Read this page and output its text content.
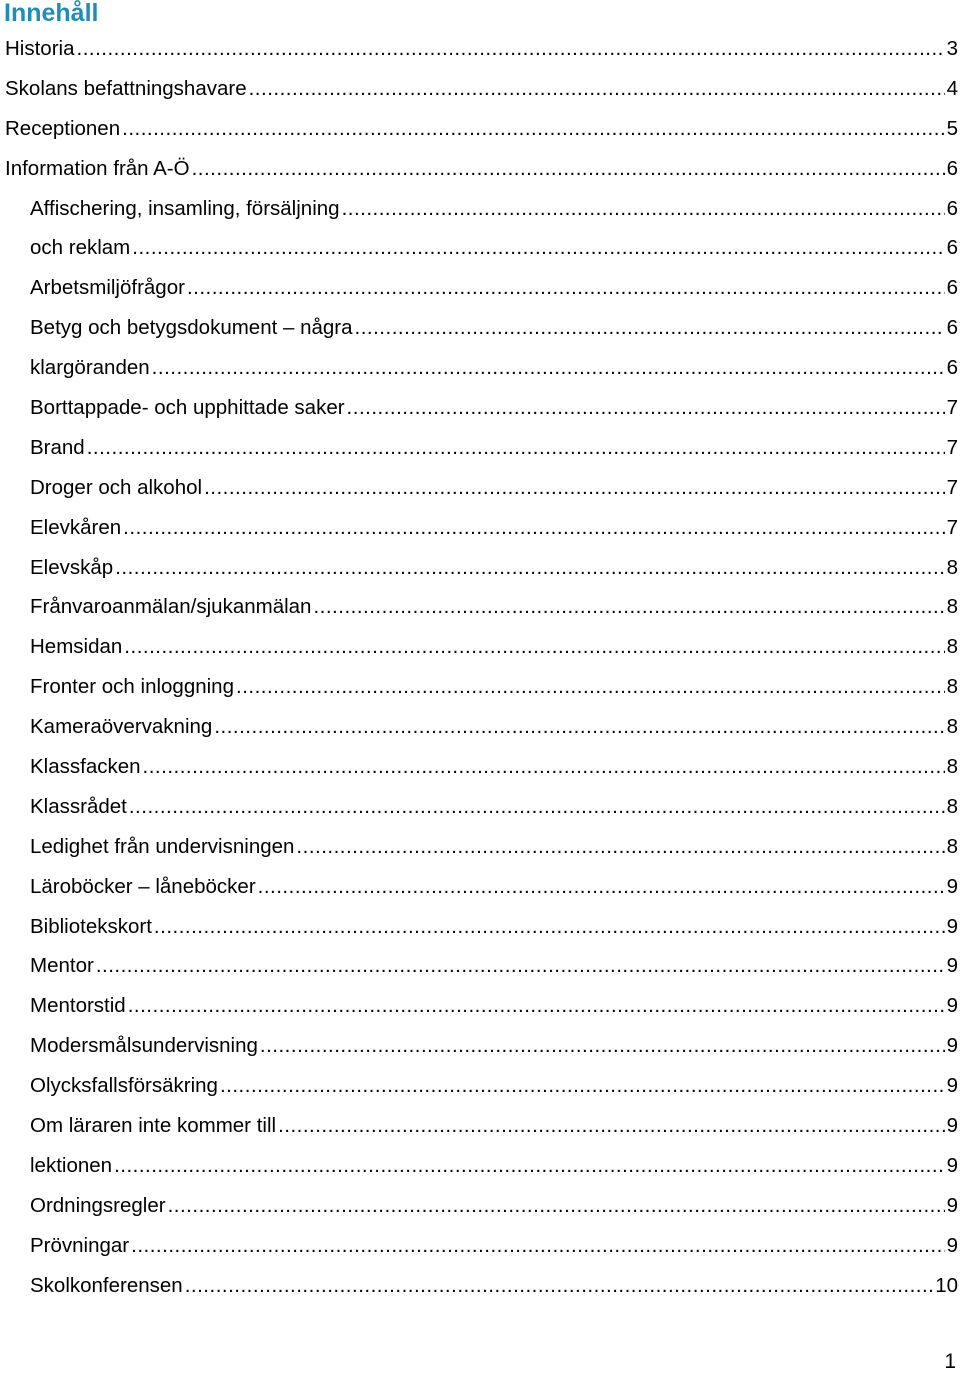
Innehåll
Historia .....	3
Skolans befattningshavare .....	4
Receptionen .....	5
Information från A-Ö .....	6
Affischering, insamling, försäljning .....	6
och reklam .....	6
Arbetsmiljöfrågor .....	6
Betyg och betygsdokument – några .....	6
klargöranden .....	6
Borttappade- och upphittade saker .....	7
Brand .....	7
Droger och alkohol .....	7
Elevkåren .....	7
Elevskåp .....	8
Frånvaroanmälan/sjukanmälan .....	8
Hemsidan .....	8
Fronter och inloggning .....	8
Kameraövervakning .....	8
Klassfacken .....	8
Klassrådet .....	8
Ledighet från undervisningen .....	8
Läroböcker – låneböcker .....	9
Bibliotekskort .....	9
Mentor .....	9
Mentorstid .....	9
Modersmålsundervisning .....	9
Olycksfallsförsäkring .....	9
Om läraren inte kommer till .....	9
lektionen .....	9
Ordningsregler .....	9
Prövningar .....	9
Skolkonferensen .....	10
1
